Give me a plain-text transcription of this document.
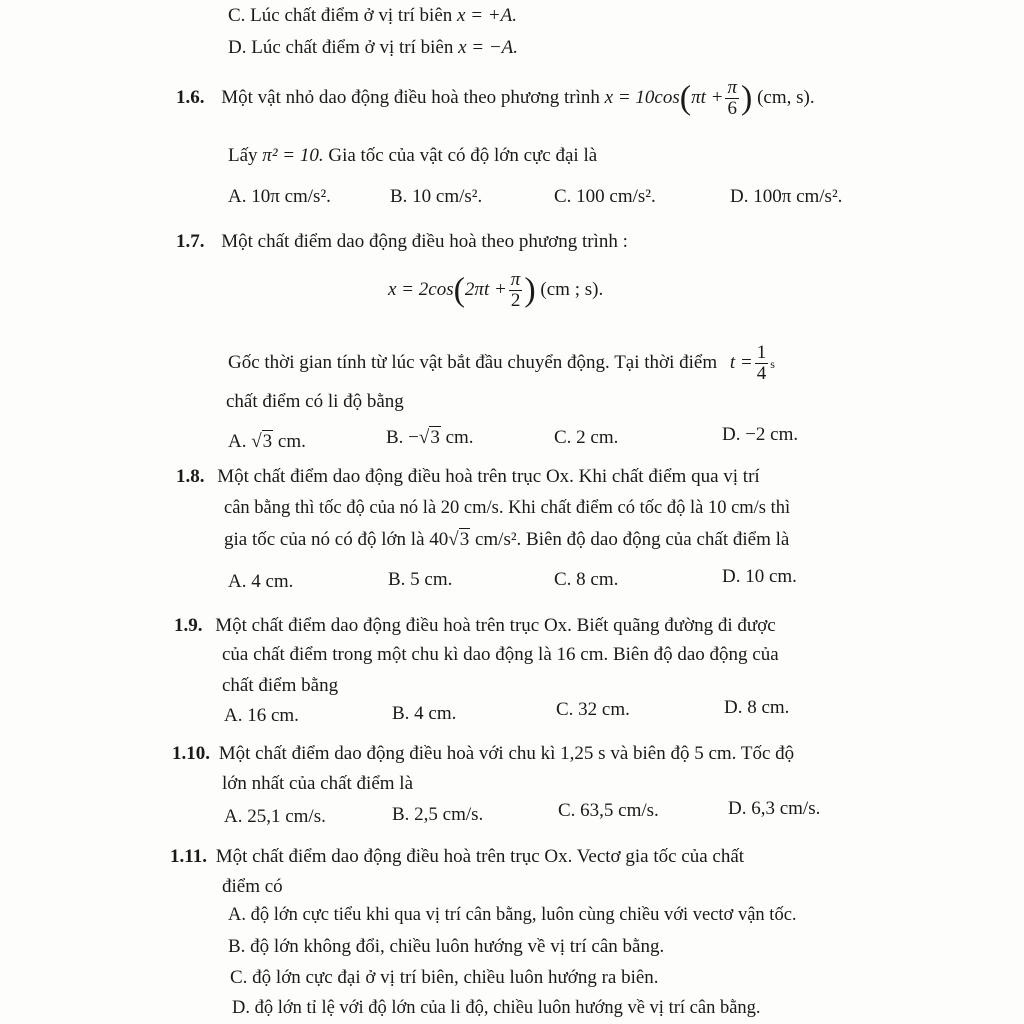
C. Lúc chất điểm ở vị trí biên x = +A.
D. Lúc chất điểm ở vị trí biên x = −A.
1.6. Một vật nhỏ dao động điều hoà theo phương trình $x = 10\cos(\pi t + \frac{\pi}{6}$ ) (cm, s).
Lấy π² = 10. Gia tốc của vật có độ lớn cực đại là
A. 10π cm/s².	B. 10 cm/s².	C. 100 cm/s².	D. 100π cm/s².
1.7. Một chất điểm dao động điều hoà theo phương trình :
$x = 2\cos(2\pi t + \frac{\pi}{2}$ ) (cm ; s).
Gốc thời gian tính từ lúc vật bắt đầu chuyển động. Tại thời điểm $t = \frac{1}{4}$ s
chất điểm có li độ bằng
A. √3 cm.	B. −√3 cm.	C. 2 cm.	D. −2 cm.
1.8. Một chất điểm dao động điều hoà trên trục Ox. Khi chất điểm qua vị trí
cân bằng thì tốc độ của nó là 20 cm/s. Khi chất điểm có tốc độ là 10 cm/s thì
gia tốc của nó có độ lớn là 40√3 cm/s². Biên độ dao động của chất điểm là
A. 4 cm.	B. 5 cm.	C. 8 cm.	D. 10 cm.
1.9. Một chất điểm dao động điều hoà trên trục Ox. Biết quãng đường đi được
của chất điểm trong một chu kì dao động là 16 cm. Biên độ dao động của
chất điểm bằng
A. 16 cm.	B. 4 cm.	C. 32 cm.	D. 8 cm.
1.10. Một chất điểm dao động điều hoà với chu kì 1,25 s và biên độ 5 cm. Tốc độ
lớn nhất của chất điểm là
A. 25,1 cm/s.	B. 2,5 cm/s.	C. 63,5 cm/s.	D. 6,3 cm/s.
1.11. Một chất điểm dao động điều hoà trên trục Ox. Vectơ gia tốc của chất
điểm có
A. độ lớn cực tiểu khi qua vị trí cân bằng, luôn cùng chiều với vectơ vận tốc.
B. độ lớn không đổi, chiều luôn hướng về vị trí cân bằng.
C. độ lớn cực đại ở vị trí biên, chiều luôn hướng ra biên.
D. độ lớn tỉ lệ với độ lớn của li độ, chiều luôn hướng về vị trí cân bằng.
